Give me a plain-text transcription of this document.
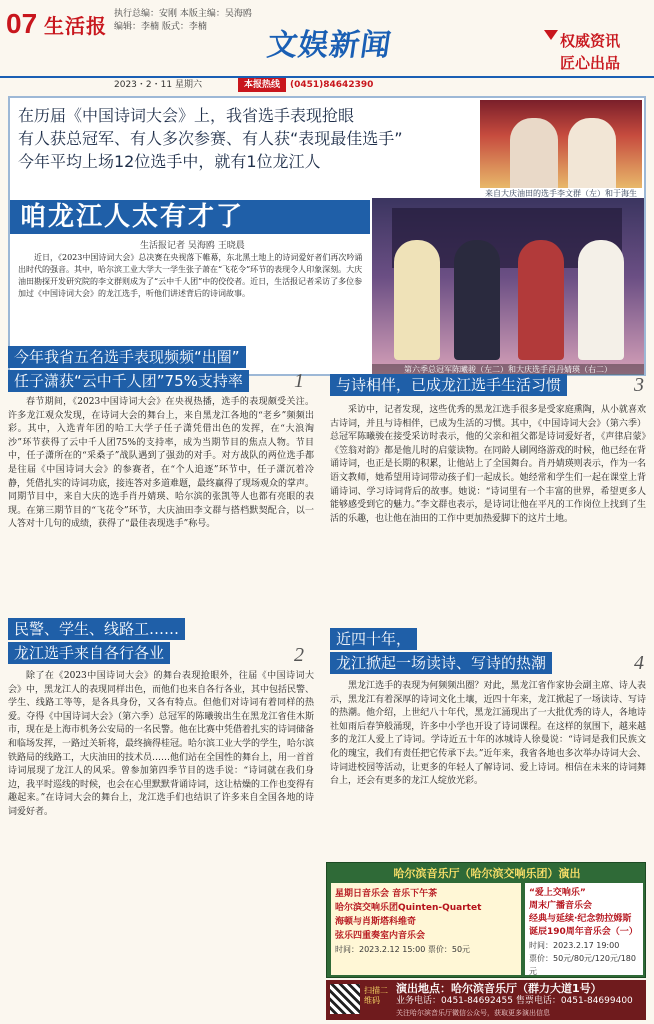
07 生活报 执行总编：安刚 本版主编：吴海鸥
编辑：李楠 版式：李楠
文娱新闻	权威资讯
匠心出品
2023・2・11 星期六	本报热线	(0451)84642390
在历届《中国诗词大会》上，我省选手表现抢眼
有人获总冠军、有人多次参赛、有人获“表现最佳选手”
今年平均上场12位选手中，就有1位龙江人
来自大庆油田的选手李文群（左）和于海生
咱龙江人太有才了
第六季总冠军陈曦骏（左二）和大庆选手肖丹婧瑛（右二）
生活报记者 吴海鸥 王晓晨
近日，《2023中国诗词大会》总决赛在央视落下帷幕，东北黑土地上的诗词爱好者们再次吟诵出时代的强音。其中，哈尔滨工业大学大一学生张子萧在“飞花令”环节的表现令人印象深刻。大庆油田勘探开发研究院的李文群则成为了“云中千人团”中的佼佼者。近日，生活报记者采访了多位参加过《中国诗词大会》的龙江选手，听他们讲述背后的诗词故事。
今年我省五名选手表现频频“出圈”
任子潇获“云中千人团”75%支持率	1
春节期间，《2023中国诗词大会》在央视热播，选手的表现颇受关注。许多龙江观众发现，在诗词大会的舞台上，来自黑龙江各地的“老乡”频频出彩。其中，入选青年团的哈工大学子任子潇凭借出色的发挥，在“大浪淘沙”环节获得了云中千人团75%的支持率，成为当期节目的焦点人物。节目中，任子潇所在的“采桑子”战队遇到了强劲的对手。对方战队的两位选手都是往届《中国诗词大会》的参赛者，在“个人追逐”环节中，任子潇沉着冷静，凭借扎实的诗词功底，接连答对多道难题，最终赢得了现场观众的掌声。同期节目中，来自大庆的选手肖丹婧瑛、哈尔滨的张凯等人也都有亮眼的表现。在第三期节目的“飞花令”环节，大庆油田李文群与搭档默契配合，以一人答对十几句的成绩，获得了“最佳表现选手”称号。
与诗相伴，已成龙江选手生活习惯	3
采访中，记者发现，这些优秀的黑龙江选手很多是受家庭熏陶，从小就喜欢古诗词，并且与诗相伴，已成为生活的习惯。其中，《中国诗词大会》（第六季）总冠军陈曦骏在接受采访时表示，他的父亲和祖父都是诗词爱好者，《声律启蒙》《笠翁对韵》都是他儿时的启蒙读物。在同龄人刷网络游戏的时候，他已经在背诵诗词，也正是长期的积累，让他站上了全国舞台。肖丹婧瑛则表示，作为一名语文教师，她希望用诗词带动孩子们一起成长。她经常和学生们一起在课堂上背诵诗词、学习诗词背后的故事。她说：“诗词里有一个丰富的世界，希望更多人能够感受到它的魅力。”李文群也表示，是诗词让他在平凡的工作岗位上找到了生活的乐趣，也让他在油田的工作中更加热爱脚下的这片土地。
民警、学生、线路工……
龙江选手来自各行各业	2
除了在《2023中国诗词大会》的舞台表现抢眼外，往届《中国诗词大会》中，黑龙江人的表现同样出色，而他们也来自各行各业，其中包括民警、学生、线路工等等，是各具身份，又各有特点。但他们对诗词有着同样的热爱。夺得《中国诗词大会》（第六季）总冠军的陈曦骏出生在黑龙江省佳木斯市，现在是上海市机务公安局的一名民警。他在比赛中凭借着扎实的诗词储备和临场发挥，一路过关斩将，最终摘得桂冠。哈尔滨工业大学的学生，哈尔滨铁路局的线路工，大庆油田的技术员……他们站在全国性的舞台上，用一首首诗词展现了龙江人的风采。曾参加第四季节目的选手说：“诗词就在我们身边，我平时巡线的时候，也会在心里默默背诵诗词，这让枯燥的工作也变得有趣起来。”在诗词大会的舞台上，龙江选手们也结识了许多来自全国各地的诗词爱好者。
近四十年，
龙江掀起一场读诗、写诗的热潮	4
黑龙江选手的表现为何频频出圈？对此，黑龙江省作家协会副主席、诗人表示，黑龙江有着深厚的诗词文化土壤，近四十年来，龙江掀起了一场读诗、写诗的热潮。他介绍，上世纪八十年代，黑龙江涌现出了一大批优秀的诗人，各地诗社如雨后春笋般涌现，许多中小学也开设了诗词课程。在这样的氛围下，越来越多的龙江人爱上了诗词。学诗近五十年的冰城诗人徐曼说：“诗词是我们民族文化的瑰宝，我们有责任把它传承下去。”近年来，我省各地也多次举办诗词大会、诗词进校园等活动，让更多的年轻人了解诗词、爱上诗词。相信在未来的诗词舞台上，还会有更多的龙江人绽放光彩。
哈尔滨音乐厅（哈尔滨交响乐团）演出
星期日音乐会 音乐下午茶
哈尔滨交响乐团Quinten-Quartet
海顿与肖斯塔科维奇
弦乐四重奏室内音乐会
时间：2023.2.12 15:00 票价：50元
“爱上交响乐”
周末广播音乐会
经典与延续·纪念勃拉姆斯
诞辰190周年音乐会（一）
时间：2023.2.17 19:00
票价：50元/80元/120元/180元
扫描二维码
演出地点：哈尔滨音乐厅（群力大道1号）
业务电话：0451-84692455 售票电话：0451-84699400
关注哈尔滨音乐厅微信公众号，获取更多演出信息
